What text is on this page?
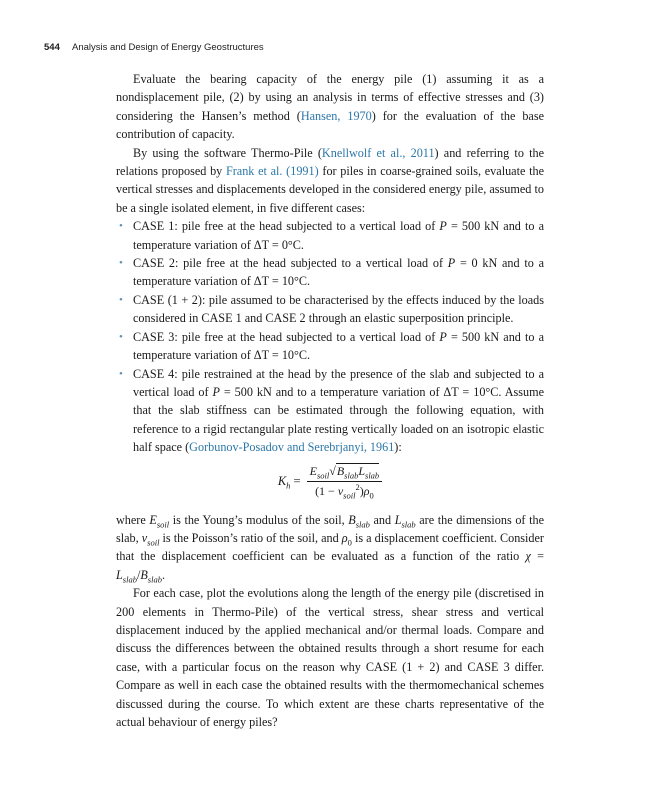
544 Analysis and Design of Energy Geostructures

Evaluate the bearing capacity of the energy pile (1) assuming it as a nondisplacement pile, (2) by using an analysis in terms of effective stresses and (3) considering the Hansen’s method (Hansen, 1970) for the evaluation of the base contribution of capacity.

By using the software Thermo-Pile (Knellwolf et al., 2011) and referring to the relations proposed by Frank et al. (1991) for piles in coarse-grained soils, evaluate the vertical stresses and displacements developed in the considered energy pile, assumed to be a single isolated element, in five different cases:

• CASE 1: pile free at the head subjected to a vertical load of P = 500 kN and to a temperature variation of ΔT = 0°C.
• CASE 2: pile free at the head subjected to a vertical load of P = 0 kN and to a temperature variation of ΔT = 10°C.
• CASE (1 + 2): pile assumed to be characterised by the effects induced by the loads considered in CASE 1 and CASE 2 through an elastic superposition principle.
• CASE 3: pile free at the head subjected to a vertical load of P = 500 kN and to a temperature variation of ΔT = 10°C.
• CASE 4: pile restrained at the head by the presence of the slab and subjected to a vertical load of P = 500 kN and to a temperature variation of ΔT = 10°C. Assume that the slab stiffness can be estimated through the following equation, with reference to a rigid rectangular plate resting vertically loaded on an isotropic elastic half space (Gorbunov-Posadov and Serebrjanyi, 1961):
$K_h = \frac{E_{soil}√B_{slab}L_{slab}}{(1 - \nu_{soil}^2)\rho_0}$

where $E_{soil}$ is the Young’s modulus of the soil, $B_{slab}$ and $L_{slab}$ are the dimensions of the slab, $\nu_{soil}$ is the Poisson’s ratio of the soil, and $\rho_0$ is a displacement coefficient. Consider that the displacement coefficient can be evaluated as a function of the ratio $\chi = L_{slab}/B_{slab}$.

For each case, plot the evolutions along the length of the energy pile (discretised in 200 elements in Thermo-Pile) of the vertical stress, shear stress and vertical displacement induced by the applied mechanical and/or thermal loads. Compare and discuss the differences between the obtained results through a short resume for each case, with a particular focus on the reason why CASE (1 + 2) and CASE 3 differ. Compare as well in each case the obtained results with the thermomechanical schemes discussed during the course. To which extent are these charts representative of the actual behaviour of energy piles?
